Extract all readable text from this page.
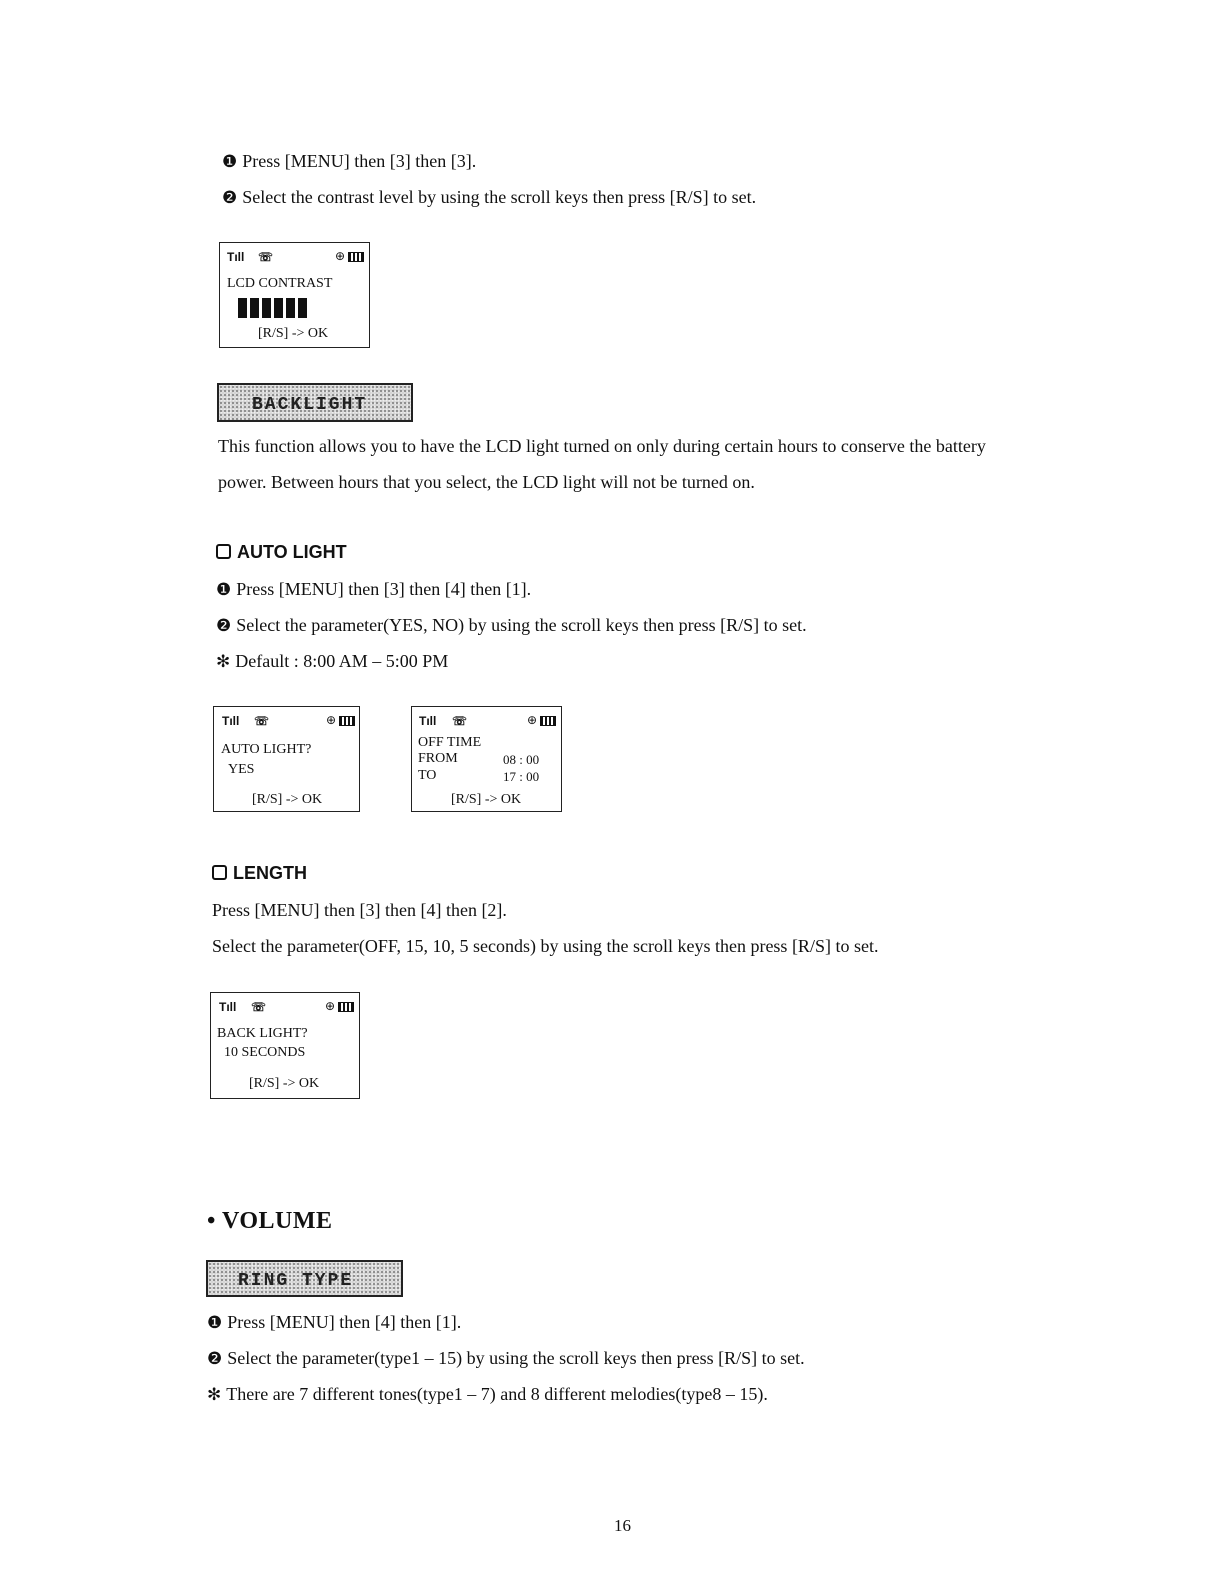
❶ Press [MENU] then [3] then [3].
❷ Select the contrast level by using the scroll keys then press [R/S] to set.
Tıll ☏	⊕
LCD CONTRAST
[R/S] -> OK
BACKLIGHT
This function allows you to have the LCD light turned on only during certain hours to conserve the battery
power. Between hours that you select, the LCD light will not be turned on.
AUTO LIGHT
❶ Press [MENU] then [3] then [4] then [1].
❷ Select the parameter(YES, NO) by using the scroll keys then press [R/S] to set.
✻ Default : 8:00 AM – 5:00 PM
Tıll ☏	⊕
AUTO LIGHT?
YES
[R/S] -> OK
Tıll ☏	⊕
OFF TIME
FROM	08 : 00
TO	17 : 00
[R/S] -> OK
LENGTH
Press [MENU] then [3] then [4] then [2].
Select the parameter(OFF, 15, 10, 5 seconds) by using the scroll keys then press [R/S] to set.
Tıll ☏	⊕
BACK LIGHT?
10 SECONDS
[R/S] -> OK
• VOLUME
RING TYPE
❶ Press [MENU] then [4] then [1].
❷ Select the parameter(type1 – 15) by using the scroll keys then press [R/S] to set.
✻ There are 7 different tones(type1 – 7) and 8 different melodies(type8 – 15).
16
